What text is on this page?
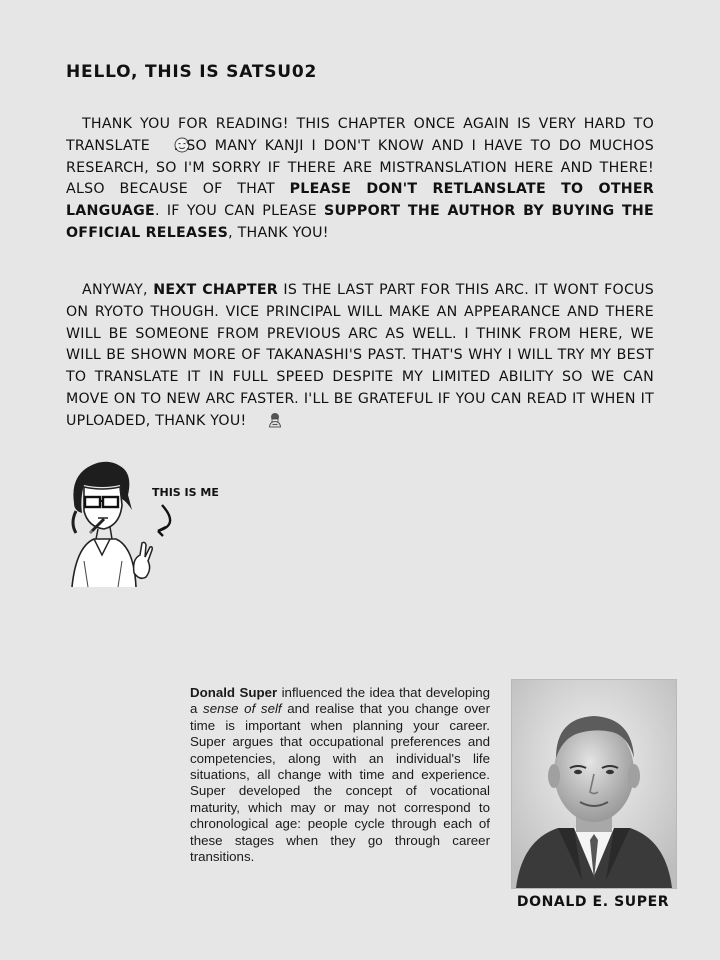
HELLO, THIS IS SATSU02
THANK YOU FOR READING! THIS CHAPTER ONCE AGAIN IS VERY HARD TO TRANSLATE . SO MANY KANJI I DON'T KNOW AND I HAVE TO DO MUCHOS RESEARCH, SO I'M SORRY IF THERE ARE MISTRANSLATION HERE AND THERE! ALSO BECAUSE OF THAT PLEASE DON'T RETLANSLATE TO OTHER LANGUAGE. IF YOU CAN PLEASE SUPPORT THE AUTHOR BY BUYING THE OFFICIAL RELEASES, THANK YOU!
ANYWAY, NEXT CHAPTER IS THE LAST PART FOR THIS ARC. IT WONT FOCUS ON RYOTO THOUGH. VICE PRINCIPAL WILL MAKE AN APPEARANCE AND THERE WILL BE SOMEONE FROM PREVIOUS ARC AS WELL. I THINK FROM HERE, WE WILL BE SHOWN MORE OF TAKANASHI'S PAST. THAT'S WHY I WILL TRY MY BEST TO TRANSLATE IT IN FULL SPEED DESPITE MY LIMITED ABILITY SO WE CAN MOVE ON TO NEW ARC FASTER. I'LL BE GRATEFUL IF YOU CAN READ IT WHEN IT UPLOADED, THANK YOU!
THIS IS ME
Donald Super influenced the idea that developing a sense of self and realise that you change over time is important when planning your career. Super argues that occupational preferences and competencies, along with an individual's life situations, all change with time and experience. Super developed the concept of vocational maturity, which may or may not correspond to chronological age: people cycle through each of these stages when they go through career transitions.
DONALD E. SUPER
